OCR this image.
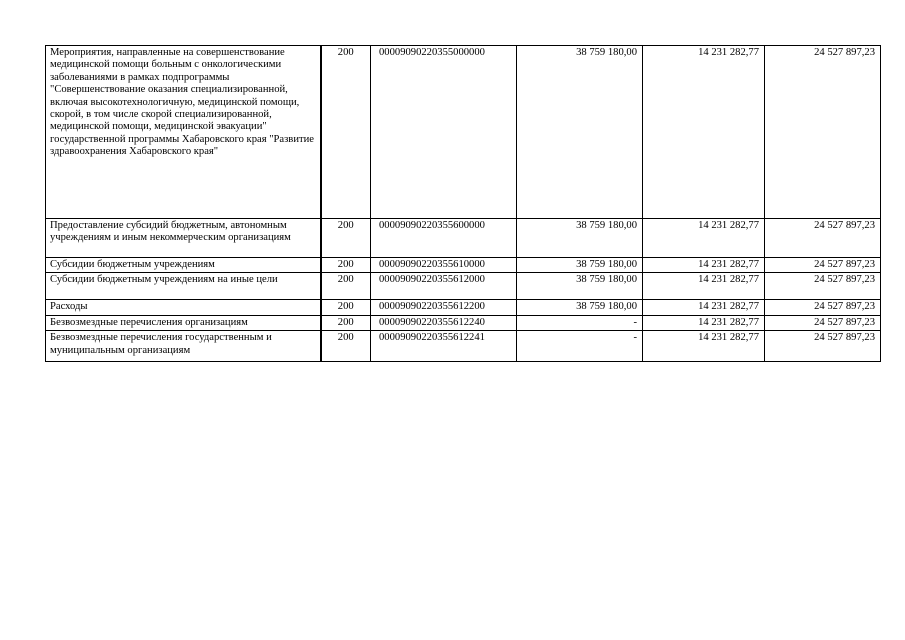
Мероприятия, направленные на совершенствование медицинской помощи больным с онкологическими заболеваниями в рамках подпрограммы "Совершенствование оказания специализированной, включая высокотехнологичную, медицинской помощи, скорой, в том числе скорой специализированной, медицинской помощи, медицинской эвакуации" государственной программы Хабаровского края "Развитие здравоохранения Хабаровского края"	200	00009090220355000000	38 759 180,00	14 231 282,77	24 527 897,23
Предоставление субсидий бюджетным, автономным учреждениям и иным некоммерческим организациям	200	00009090220355600000	38 759 180,00	14 231 282,77	24 527 897,23
Субсидии бюджетным учреждениям	200	00009090220355610000	38 759 180,00	14 231 282,77	24 527 897,23
Субсидии бюджетным учреждениям на иные цели	200	00009090220355612000	38 759 180,00	14 231 282,77	24 527 897,23
Расходы	200	00009090220355612200	38 759 180,00	14 231 282,77	24 527 897,23
Безвозмездные перечисления организациям	200	00009090220355612240	-	14 231 282,77	24 527 897,23
Безвозмездные перечисления государственным и муниципальным организациям	200	00009090220355612241	-	14 231 282,77	24 527 897,23
